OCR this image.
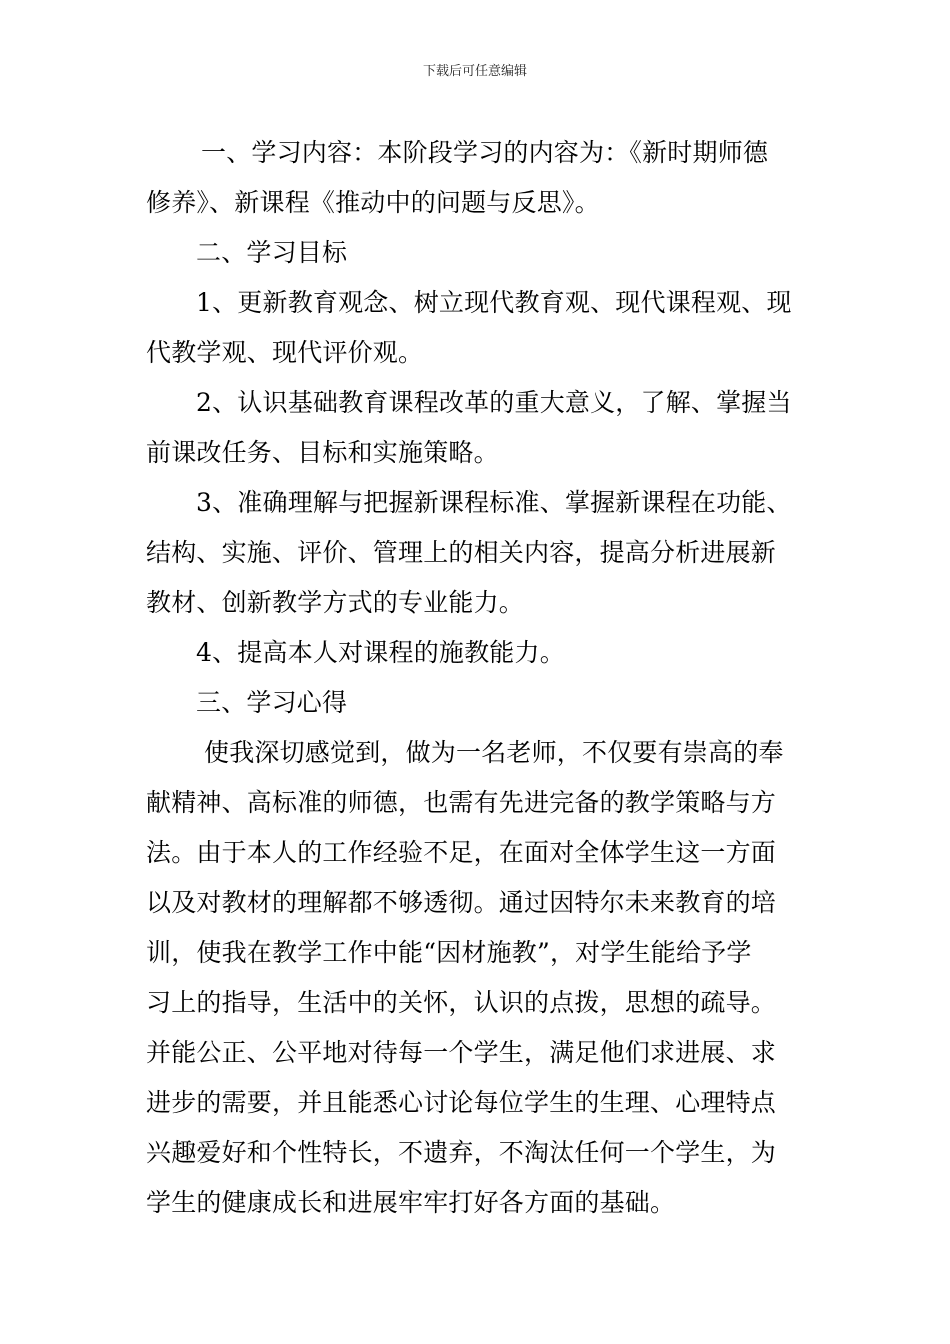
下载后可任意编辑
一、学习内容：本阶段学习的内容为：《新时期师德
修养》、新课程《推动中的问题与反思》。
二、学习目标
1、更新教育观念、树立现代教育观、现代课程观、现
代教学观、现代评价观。
2、认识基础教育课程改革的重大意义，了解、掌握当
前课改任务、目标和实施策略。
3、准确理解与把握新课程标准、掌握新课程在功能、
结构、实施、评价、管理上的相关内容，提高分析进展新
教材、创新教学方式的专业能力。
4、提高本人对课程的施教能力。
三、学习心得
使我深切感觉到，做为一名老师，不仅要有崇高的奉
献精神、高标准的师德，也需有先进完备的教学策略与方
法。由于本人的工作经验不足，在面对全体学生这一方面
以及对教材的理解都不够透彻。通过因特尔未来教育的培
训，使我在教学工作中能“因材施教”，对学生能给予学
习上的指导，生活中的关怀，认识的点拨，思想的疏导。
并能公正、公平地对待每一个学生，满足他们求进展、求
进步的需要，并且能悉心讨论每位学生的生理、心理特点
兴趣爱好和个性特长，不遗弃，不淘汰任何一个学生，为
学生的健康成长和进展牢牢打好各方面的基础。
